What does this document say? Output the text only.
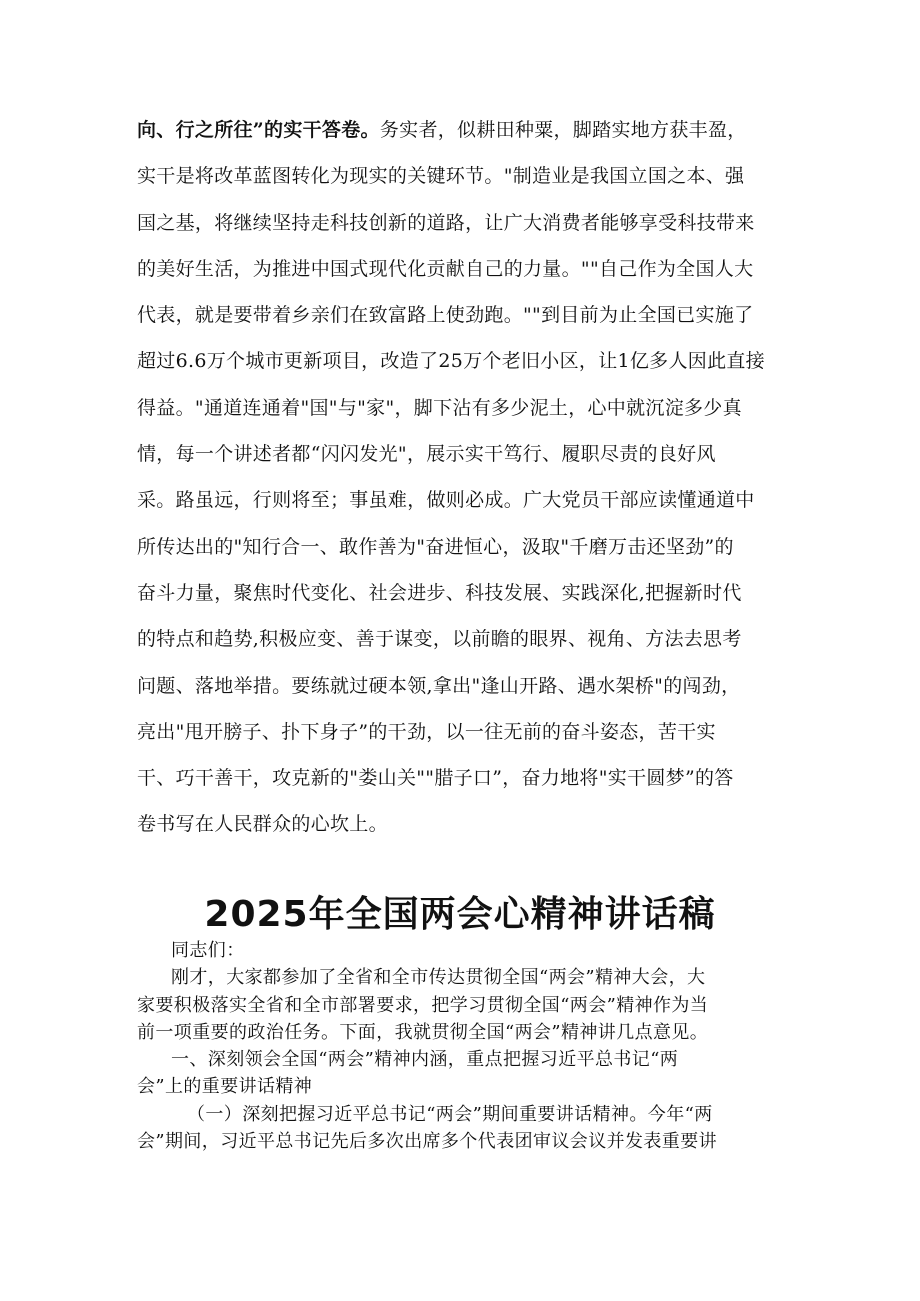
向、行之所往”的实干答卷。务实者，似耕田种粟，脚踏实地方获丰盈，
实干是将改革蓝图转化为现实的关键环节。"制造业是我国立国之本、强
国之基，将继续坚持走科技创新的道路，让广大消费者能够享受科技带来
的美好生活，为推进中国式现代化贡献自己的力量。""自己作为全国人大
代表，就是要带着乡亲们在致富路上使劲跑。""到目前为止全国已实施了
超过6.6万个城市更新项目，改造了25万个老旧小区，让1亿多人因此直接
得益。"通道连通着"国"与"家"，脚下沾有多少泥土，心中就沉淀多少真
情，每一个讲述者都“闪闪发光"，展示实干笃行、履职尽责的良好风
采。路虽远，行则将至；事虽难，做则必成。广大党员干部应读懂通道中
所传达出的"知行合一、敢作善为"奋进恒心，汲取"千磨万击还坚劲”的
奋斗力量，聚焦时代变化、社会进步、科技发展、实践深化,把握新时代
的特点和趋势,积极应变、善于谋变，以前瞻的眼界、视角、方法去思考
问题、落地举措。要练就过硬本领,拿出"逢山开路、遇水架桥"的闯劲，
亮出"甩开膀子、扑下身子”的干劲，以一往无前的奋斗姿态，苦干实
干、巧干善干，攻克新的"娄山关""腊子口”，奋力地将"实干圆梦”的答
卷书写在人民群众的心坎上。
2025年全国两会心精神讲话稿
同志们：
刚才，大家都参加了全省和全市传达贯彻全国“两会”精神大会，大
家要积极落实全省和全市部署要求，把学习贯彻全国“两会”精神作为当
前一项重要的政治任务。下面，我就贯彻全国“两会”精神讲几点意见。
一、深刻领会全国“两会”精神内涵，重点把握习近平总书记“两
会”上的重要讲话精神
（一）深刻把握习近平总书记“两会”期间重要讲话精神。今年“两
会”期间，习近平总书记先后多次出席多个代表团审议会议并发表重要讲
